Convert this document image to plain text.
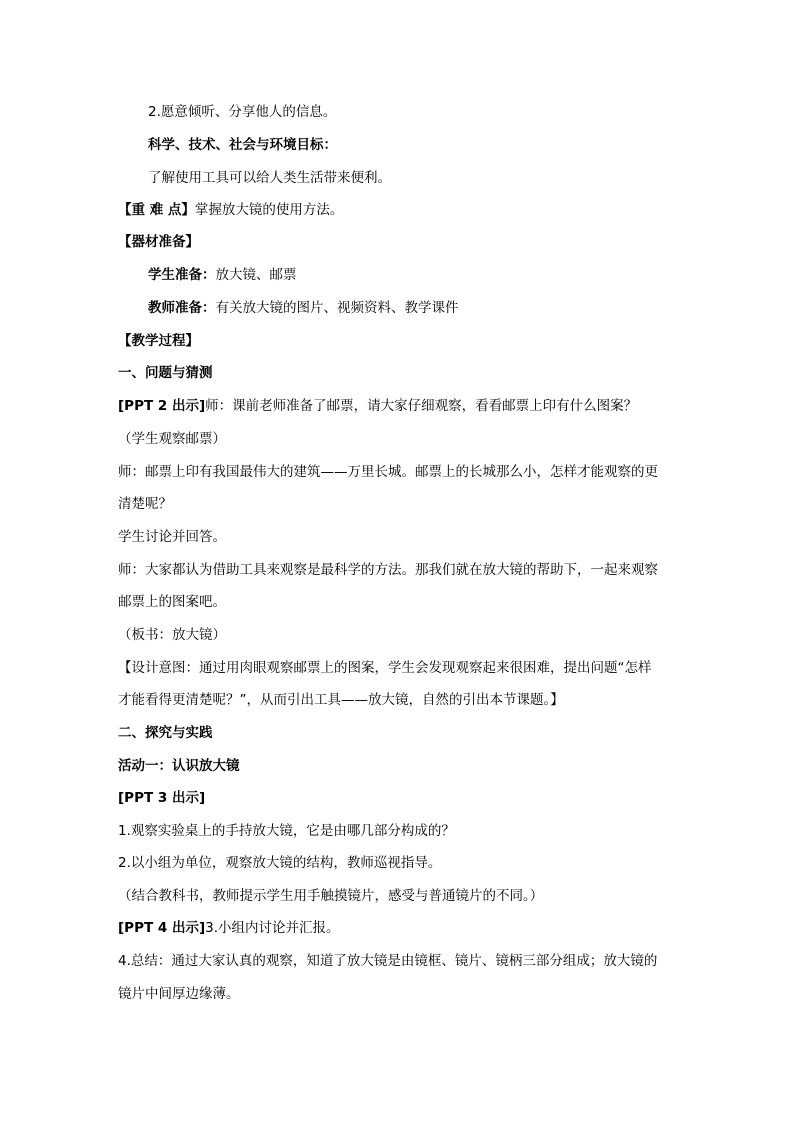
2.愿意倾听、分享他人的信息。
科学、技术、社会与环境目标：
了解使用工具可以给人类生活带来便利。
【重 难 点】掌握放大镜的使用方法。
【器材准备】
学生准备：放大镜、邮票
教师准备：有关放大镜的图片、视频资料、教学课件
【教学过程】
一、问题与猜测
[PPT 2 出示]师：课前老师准备了邮票，请大家仔细观察，看看邮票上印有什么图案？
（学生观察邮票）
师：邮票上印有我国最伟大的建筑——万里长城。邮票上的长城那么小，怎样才能观察的更
清楚呢？
学生讨论并回答。
师：大家都认为借助工具来观察是最科学的方法。那我们就在放大镜的帮助下，一起来观察
邮票上的图案吧。
（板书：放大镜）
【设计意图：通过用肉眼观察邮票上的图案，学生会发现观察起来很困难，提出问题“怎样
才能看得更清楚呢？”，从而引出工具——放大镜，自然的引出本节课题。】
二、探究与实践
活动一：认识放大镜
[PPT 3 出示]
1.观察实验桌上的手持放大镜，它是由哪几部分构成的？
2.以小组为单位，观察放大镜的结构，教师巡视指导。
（结合教科书，教师提示学生用手触摸镜片，感受与普通镜片的不同。）
[PPT 4 出示]3.小组内讨论并汇报。
4.总结：通过大家认真的观察，知道了放大镜是由镜框、镜片、镜柄三部分组成；放大镜的
镜片中间厚边缘薄。
